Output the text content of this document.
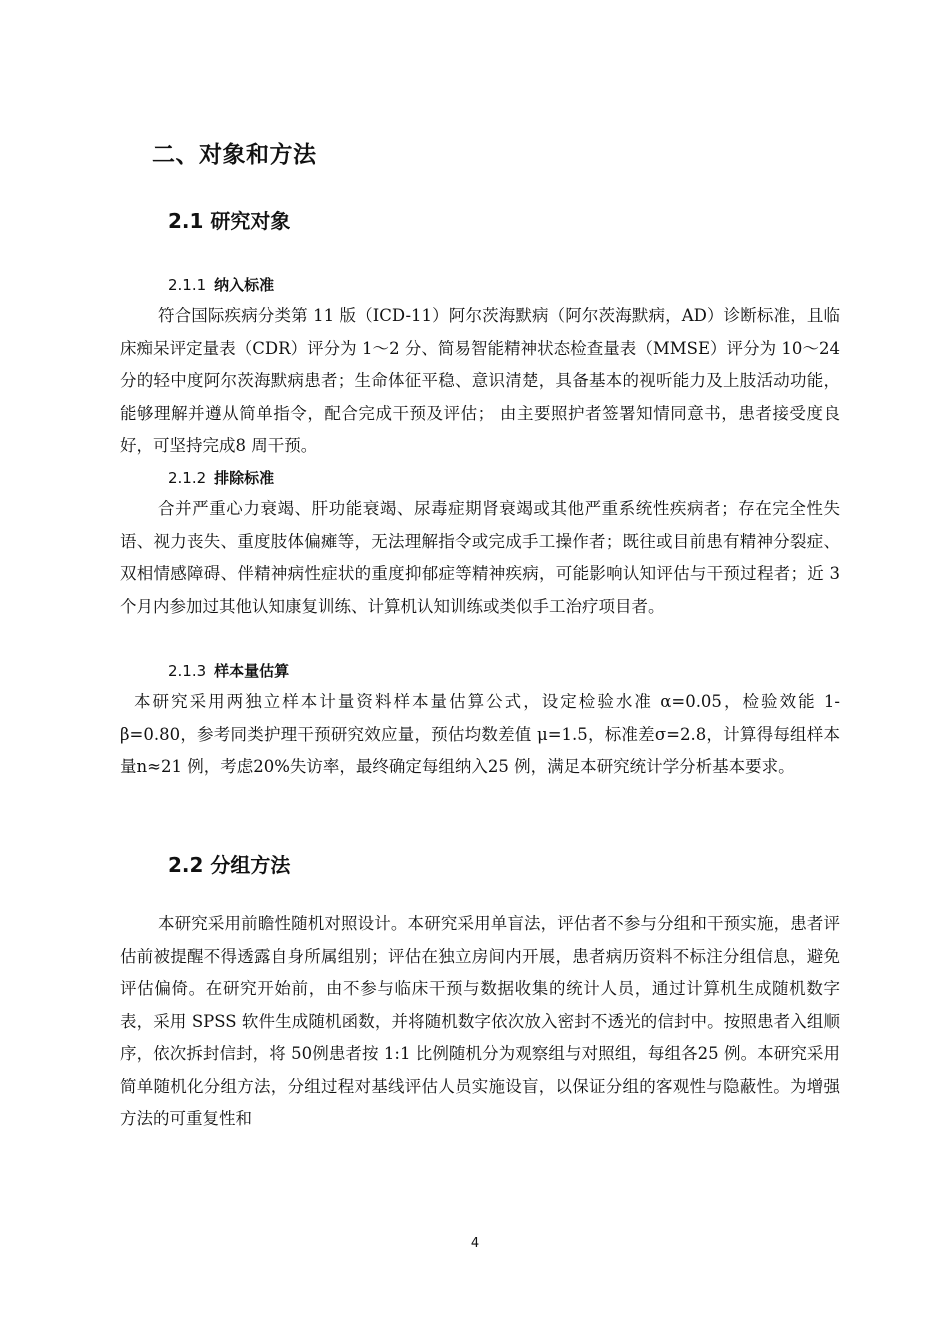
二、对象和方法
2.1 研究对象
2.1.1 纳入标准

符合国际疾病分类第 11 版（ICD-11）阿尔茨海默病（阿尔茨海默病，AD）诊断标准，且临床痴呆评定量表（CDR）评分为 1～2 分、简易智能精神状态检查量表（MMSE）评分为 10～24 分的轻中度阿尔茨海默病患者；生命体征平稳、意识清楚，具备基本的视听能力及上肢活动功能，能够理解并遵从简单指令，配合完成干预及评估； 由主要照护者签署知情同意书，患者接受度良好，可坚持完成8 周干预。

2.1.2 排除标准

合并严重心力衰竭、肝功能衰竭、尿毒症期肾衰竭或其他严重系统性疾病者；存在完全性失语、视力丧失、重度肢体偏瘫等，无法理解指令或完成手工操作者；既往或目前患有精神分裂症、双相情感障碍、伴精神病性症状的重度抑郁症等精神疾病，可能影响认知评估与干预过程者；近 3 个月内参加过其他认知康复训练、计算机认知训练或类似手工治疗项目者。

2.1.3 样本量估算

本研究采用两独立样本计量资料样本量估算公式，设定检验水准 α=0.05，检验效能 1-β=0.80，参考同类护理干预研究效应量，预估均数差值 μ=1.5，标准差σ=2.8，计算得每组样本量n≈21 例，考虑20%失访率，最终确定每组纳入25 例，满足本研究统计学分析基本要求。

2.2 分组方法

本研究采用前瞻性随机对照设计。本研究采用单盲法，评估者不参与分组和干预实施，患者评估前被提醒不得透露自身所属组别；评估在独立房间内开展，患者病历资料不标注分组信息，避免评估偏倚。在研究开始前，由不参与临床干预与数据收集的统计人员，通过计算机生成随机数字表，采用 SPSS 软件生成随机函数，并将随机数字依次放入密封不透光的信封中。按照患者入组顺序，依次拆封信封，将 50例患者按 1:1 比例随机分为观察组与对照组，每组各25 例。本研究采用简单随机化分组方法，分组过程对基线评估人员实施设盲，以保证分组的客观性与隐蔽性。为增强方法的可重复性和

4
